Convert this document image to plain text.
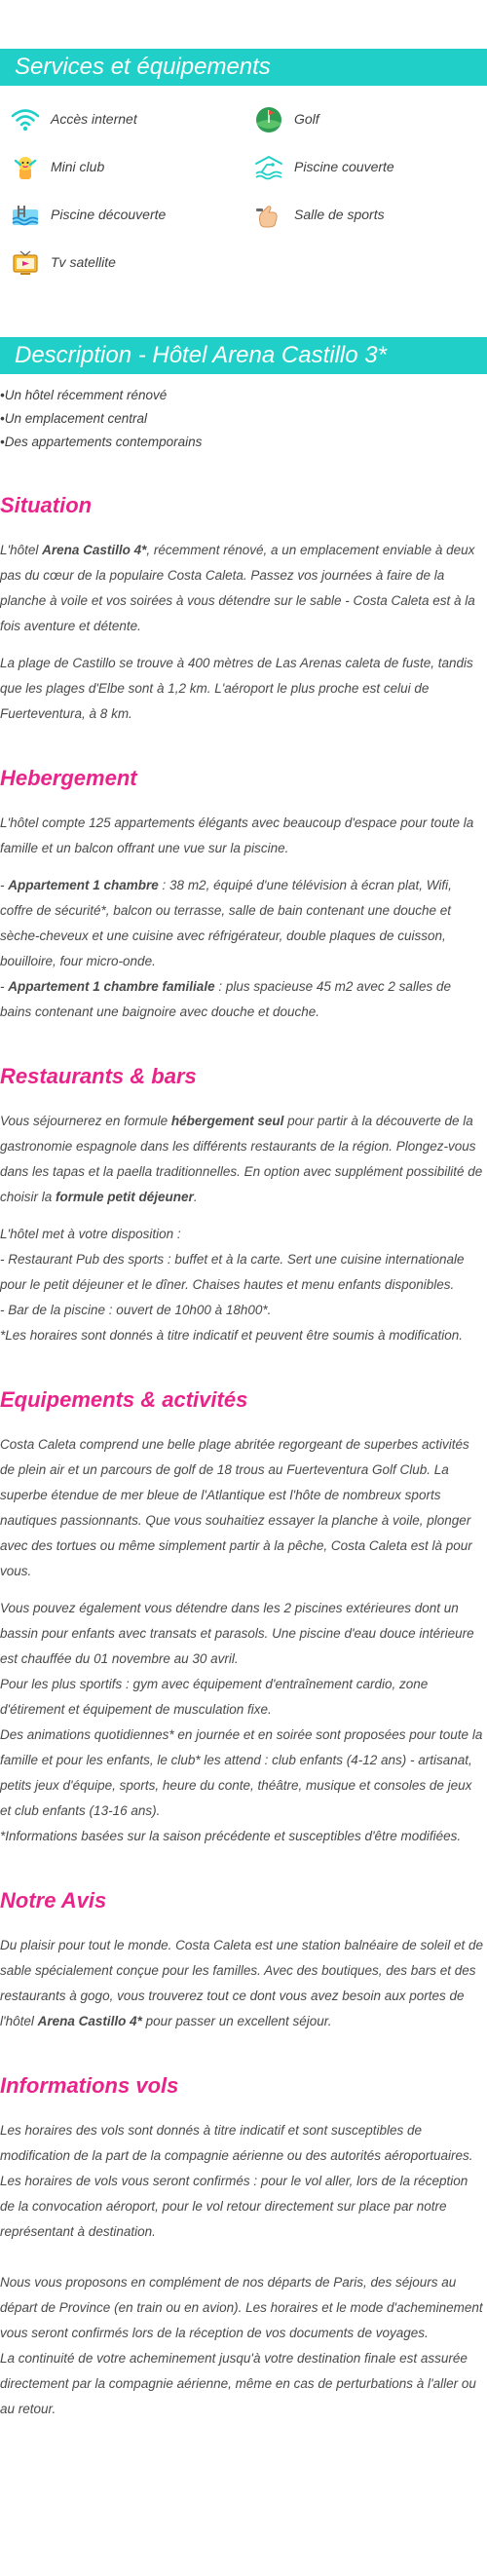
Services et équipements
Accès internet	Golf
Mini club	Piscine couverte
Piscine découverte	Salle de sports
Tv satellite
Description - Hôtel Arena Castillo 3*
• Un hôtel récemment rénové
• Un emplacement central
• Des appartements contemporains
Situation

L'hôtel Arena Castillo 4*, récemment rénové, a un emplacement enviable à deux pas du cœur de la populaire Costa Caleta. Passez vos journées à faire de la planche à voile et vos soirées à vous détendre sur le sable - Costa Caleta est à la fois aventure et détente.

La plage de Castillo se trouve à 400 mètres de Las Arenas caleta de fuste, tandis que les plages d'Elbe sont à 1,2 km. L'aéroport le plus proche est celui de Fuerteventura, à 8 km.

Hebergement

L'hôtel compte 125 appartements élégants avec beaucoup d'espace pour toute la famille et un balcon offrant une vue sur la piscine.

- Appartement 1 chambre : 38 m2, équipé d'une télévision à écran plat, Wifi, coffre de sécurité*, balcon ou terrasse, salle de bain contenant une douche et sèche-cheveux et une cuisine avec réfrigérateur, double plaques de cuisson, bouilloire, four micro-onde.
- Appartement 1 chambre familiale : plus spacieuse 45 m2 avec 2 salles de bains contenant une baignoire avec douche et douche.

Restaurants & bars

Vous séjournerez en formule hébergement seul pour partir à la découverte de la gastronomie espagnole dans les différents restaurants de la région. Plongez-vous dans les tapas et la paella traditionnelles. En option avec supplément possibilité de choisir la formule petit déjeuner.

L'hôtel met à votre disposition :
- Restaurant Pub des sports : buffet et à la carte. Sert une cuisine internationale pour le petit déjeuner et le dîner. Chaises hautes et menu enfants disponibles.
- Bar de la piscine : ouvert de 10h00 à 18h00*.
*Les horaires sont donnés à titre indicatif et peuvent être soumis à modification.

Equipements & activités

Costa Caleta comprend une belle plage abritée regorgeant de superbes activités de plein air et un parcours de golf de 18 trous au Fuerteventura Golf Club. La superbe étendue de mer bleue de l'Atlantique est l'hôte de nombreux sports nautiques passionnants. Que vous souhaitiez essayer la planche à voile, plonger avec des tortues ou même simplement partir à la pêche, Costa Caleta est là pour vous.

Vous pouvez également vous détendre dans les 2 piscines extérieures dont un bassin pour enfants avec transats et parasols. Une piscine d'eau douce intérieure est chauffée du 01 novembre au 30 avril.
Pour les plus sportifs : gym avec équipement d'entraînement cardio, zone d'étirement et équipement de musculation fixe.
Des animations quotidiennes* en journée et en soirée sont proposées pour toute la famille et pour les enfants, le club* les attend : club enfants (4-12 ans) - artisanat, petits jeux d'équipe, sports, heure du conte, théâtre, musique et consoles de jeux et club enfants (13-16 ans).
*Informations basées sur la saison précédente et susceptibles d'être modifiées.

Notre Avis

Du plaisir pour tout le monde. Costa Caleta est une station balnéaire de soleil et de sable spécialement conçue pour les familles. Avec des boutiques, des bars et des restaurants à gogo, vous trouverez tout ce dont vous avez besoin aux portes de l'hôtel Arena Castillo 4* pour passer un excellent séjour.

Informations vols

Les horaires des vols sont donnés à titre indicatif et sont susceptibles de modification de la part de la compagnie aérienne ou des autorités aéroportuaires.
Les horaires de vols vous seront confirmés : pour le vol aller, lors de la réception de la convocation aéroport, pour le vol retour directement sur place par notre représentant à destination.

Nous vous proposons en complément de nos départs de Paris, des séjours au départ de Province (en train ou en avion). Les horaires et le mode d'acheminement vous seront confirmés lors de la réception de vos documents de voyages.
La continuité de votre acheminement jusqu'à votre destination finale est assurée directement par la compagnie aérienne, même en cas de perturbations à l'aller ou au retour.
